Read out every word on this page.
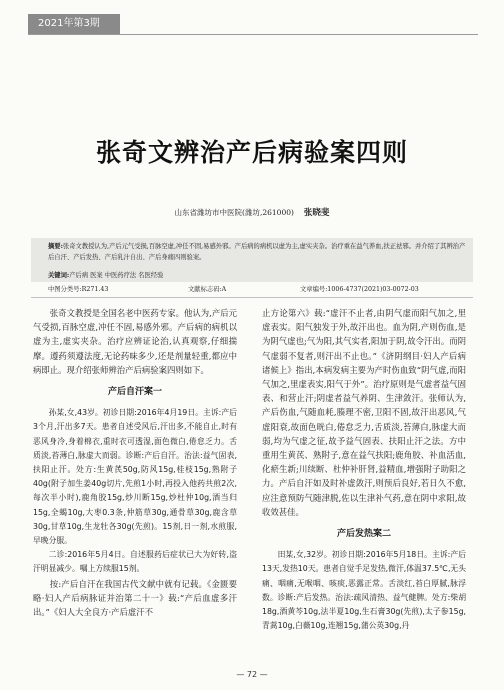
2021年第3期
张奇文辨治产后病验案四则
山东省潍坊市中医院(潍坊,261000) 张晓斐
摘要:张奇文教授认为,产后元气受损,百脉空虚,冲任不固,易感外邪。产后病的病机以虚为主,虚实夹杂。治疗重在益气养血,扶正祛邪。并介绍了其辨治产后自汗、产后发热、产后乳汁自出、产后身痛四则验案。
关键词:产后病 医案 中医药疗法 名医经验
中图分类号:R271.43	文献标志码:A	文章编号:1006-4737(2021)03-0072-03

张奇文教授是全国名老中医药专家。他认为,产后元气受损,百脉空虚,冲任不固,易感外邪。产后病的病机以虚为主,虚实夹杂。治疗应辨证论治,认真观察,仔细揣摩。遵药须遵法度,无论药味多少,还是剂量轻重,都应中病即止。现介绍张师辨治产后病验案四则如下。

产后自汗案一

孙某,女,43岁。初诊日期:2016年4月19日。主诉:产后3个月,汗出多7天。患者自述受风后,汗出多,不能自止,时有恶风身冷,身着棉衣,重时衣可透湿,面色微白,倦怠乏力。舌质淡,苔薄白,脉虚大而弱。诊断:产后自汗。治法:益气固表,扶阳止汗。处方:生黄芪50g,防风15g,桂枝15g,熟附子40g(附子加生姜40g切片,先煎1小时,再投入他药共煎2次,每次半小时),鹿角胶15g,炒川断15g,炒杜仲10g,酒当归15g,全蝎10g,大枣0.3条,仲筋草30g,通骨草30g,鹿含草30g,甘草10g,生龙牡各30g(先煎)。15剂,日一剂,水煎服,早晚分服。

二诊:2016年5月4日。自述服药后症状已大为好转,盗汗明显减少。嘱上方续服15剂。

按:产后自汗在我国古代文献中就有记载。《金匮要略·妇人产后病脉证并治第二十一》载:“产后血虚多汗出。”《妇人大全良方·产后虚汗不

止方论第六》载:“虚汗不止者,由阴气虚而阳气加之,里虚表实。阳气独发于外,故汗出也。血为阴,产则伤血,是为阴气虚也;气为阳,其气实者,阳加于阴,故令汗出。而阴气虚弱不复者,则汗出不止也。”《济阴纲目·妇人产后病诸候上》指出,本病发病主要为产时伤血致“阴气虚,而阳气加之,里虚表实,阳气于外”。治疗原则是气虚者益气固表、和营止汗;阴虚者益气养阴、生津敛汗。张师认为,产后伤血,气随血耗,腠理不密,卫阳不固,故汗出恶风,气虚阳衰,故面色晄白,倦怠乏力,舌质淡,苔薄白,脉虚大而弱,均为气虚之征,故予益气固表、扶阳止汗之法。方中重用生黄芪、熟附子,意在益气扶阳;鹿角胶、补血活血,化瘀生新;川续断、杜仲补肝肾,益精血,增强附子助阳之力。产后自汗如及时补虚敛汗,则预后良好,若日久不愈,应注意预防气随津脱,佐以生津补气药,意在阴中求阳,故收效甚佳。

产后发热案二

田某,女,32岁。初诊日期:2016年5月18日。主诉:产后13天,发热10天。患者自觉手足发热,微汗,体温37.5℃,无头痛、咽痛,无喉咽、咳痰,恶露正常。舌淡红,苔白厚腻,脉浮数。诊断:产后发热。治法:疏风清热、益气健脾。处方:柴胡18g,酒黄芩10g,法半夏10g,生石膏30g(先煎),太子参15g,青蒿10g,白薇10g,连翘15g,蒲公英30g,丹

— 72 —
